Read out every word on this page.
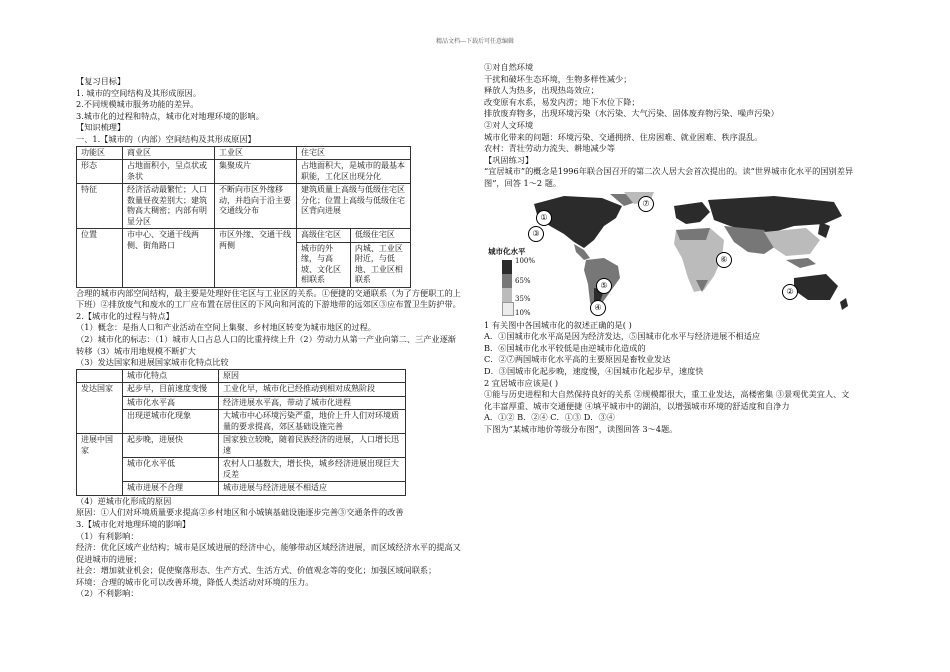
精品文档---下载后可任意编辑

【复习目标】

1. 城市的空间结构及其形成原因。

2.不同规模城市服务功能的差异。

3.城市化的过程和特点，城市化对地理环境的影响。

【知识梳理】

一、1.【城市的（内部）空间结构及其形成原因】

功能区	商业区	工业区	住宅区	
形态	占地面积小，呈点状或条状	集聚成片	占地面积大，是城市的最基本职能，工化区出现分化	
特征	经济活动最繁忙；人口数量昼夜差别大；建筑物高大稠密；内部有明显分区	不断向市区外缘移动，并趋向于沿主要交通线分布	建筑质量上高级与低级住宅区分化；位置上高级与低级住宅区背向进展	
位置	市中心、交通干线两侧、街角路口	市区外缘、交通干线两侧	高级住宅区	低级住宅区
			城市的外缘，与高坡、文化区相联系	内城、工业区附近，与低地、工业区相联系

合理的城市内部空间结构，最主要是处理好住宅区与工业区的关系。①便捷的交通联系（为了方便职工的上

下班）②排放废气和废水的工厂应布置在居住区的下风向和河流的下游地带的远郊区③应布置卫生防护带。

2.【城市化的过程与特点】

（1）概念：是指人口和产业活动在空间上集聚、乡村地区转变为城市地区的过程。

（2）城市化的标志：（1）城市人口占总人口的比重持续上升（2）劳动力从第一产业向第二、三产业逐渐

转移（3）城市用地规模不断扩大

（3）发达国家和进展国家城市化特点比较

	城市化特点	原因
发达国家	起步早，目前速度变慢	工业化早，城市化已经推动到相对成熟阶段
	城市化水平高	经济进展水平高，带动了城市化进程
	出现逆城市化现象	大城市中心环境污染严重，地价上升人们对环境质量的要求提高，郊区基础设施完善
进展中国家	起步晚，进展快	国家独立较晚，随着民族经济的进展，人口增长迅速
	城市化水平低	农村人口基数大，增长快，城乡经济进展出现巨大反差
	城市进展不合理	城市进展与经济进展不相适应

（4）逆城市化形成的原因

原因：①人们对环境质量要求提高②乡村地区和小城镇基础设施逐步完善③交通条件的改善

3.【城市化对地理环境的影响】

（1）有利影响：

经济：优化区域产业结构；城市是区域进展的经济中心，能够带动区域经济进展，而区域经济水平的提高又

促进城市的进展；

社会：增加就业机会；促使聚落形态、生产方式、生活方式、价值观念等的变化；加强区域间联系；

环境：合理的城市化可以改善环境，降低人类活动对环境的压力。

（2）不利影响：

①对自然环境

干扰和破坏生态环境，生物多样性减少；

释放人为热多，出现热岛效应；

改变原有水系，易发内涝；地下水位下降；

排放废弃物多，出现环境污染（水污染、大气污染、固体废弃物污染、噪声污染）

②对人文环境

城市化带来的问题：环境污染、交通拥挤、住房困难、就业困难、秩序混乱。

农村：青壮劳动力流失、耕地减少等

【巩固练习】

“宜居城市”的概念是1996年联合国召开的第二次人居大会首次提出的。读“世界城市化水平的国别差异

图”，回答 1～2 题。

城市化水平
100%
65%
35%
10%
①
②
③
④
⑤
⑥
⑦

1 有关图中各国城市化的叙述正确的是( )

A．①国城市化水平高是因为经济发达，⑤国城市化水平与经济进展不相适应

B．⑥国城市化水平较低是由逆城市化造成的

C．②⑦两国城市化水平高的主要原因是畜牧业发达

D．③国城市化起步晚，速度慢，④国城市化起步早，速度快

2 宜居城市应该是( )

①能与历史进程和大自然保持良好的关系 ②规模都很大，重工业发达，高楼密集 ③景观优美宜人、文

化丰富厚重、城市交通便捷 ④填平城市中的湖泊，以增强城市环境的舒适度和自净力

A．①② B．②④ C．①③ D．③④

下图为“某城市地价等级分布图”，读图回答 3～4题。
